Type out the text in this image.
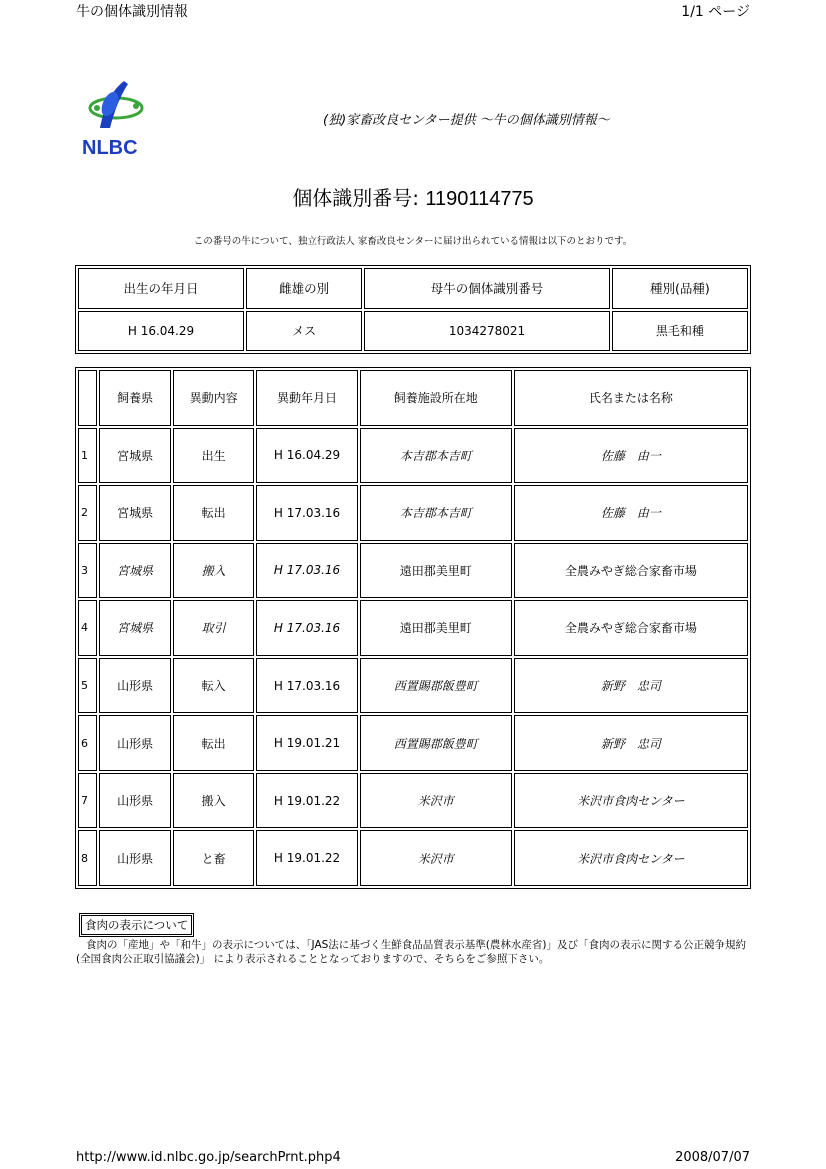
牛の個体識別情報	1/1 ページ
NLBC
(独)家畜改良センター提供 ～牛の個体識別情報～
個体識別番号: 1190114775
この番号の牛について、独立行政法人 家畜改良センターに届け出られている情報は以下のとおりです。
出生の年月日	雌雄の別	母牛の個体識別番号	種別(品種)
H 16.04.29	メス	1034278021	黒毛和種
	飼養県	異動内容	異動年月日	飼養施設所在地	氏名または名称
1	宮城県	出生	H 16.04.29	本吉郡本吉町	佐藤　由一
2	宮城県	転出	H 17.03.16	本吉郡本吉町	佐藤　由一
3	宮城県	搬入	H 17.03.16	遠田郡美里町	全農みやぎ総合家畜市場
4	宮城県	取引	H 17.03.16	遠田郡美里町	全農みやぎ総合家畜市場
5	山形県	転入	H 17.03.16	西置賜郡飯豊町	新野　忠司
6	山形県	転出	H 19.01.21	西置賜郡飯豊町	新野　忠司
7	山形県	搬入	H 19.01.22	米沢市	米沢市食肉センター
8	山形県	と畜	H 19.01.22	米沢市	米沢市食肉センター
食肉の表示について
食肉の「産地」や「和牛」の表示については、「JAS法に基づく生鮮食品品質表示基準(農林水産省)」及び「食肉の表示に関する公正競争規約(全国食肉公正取引協議会)」 により表示されることとなっておりますので、そちらをご参照下さい。
http://www.id.nlbc.go.jp/searchPrnt.php4	2008/07/07
